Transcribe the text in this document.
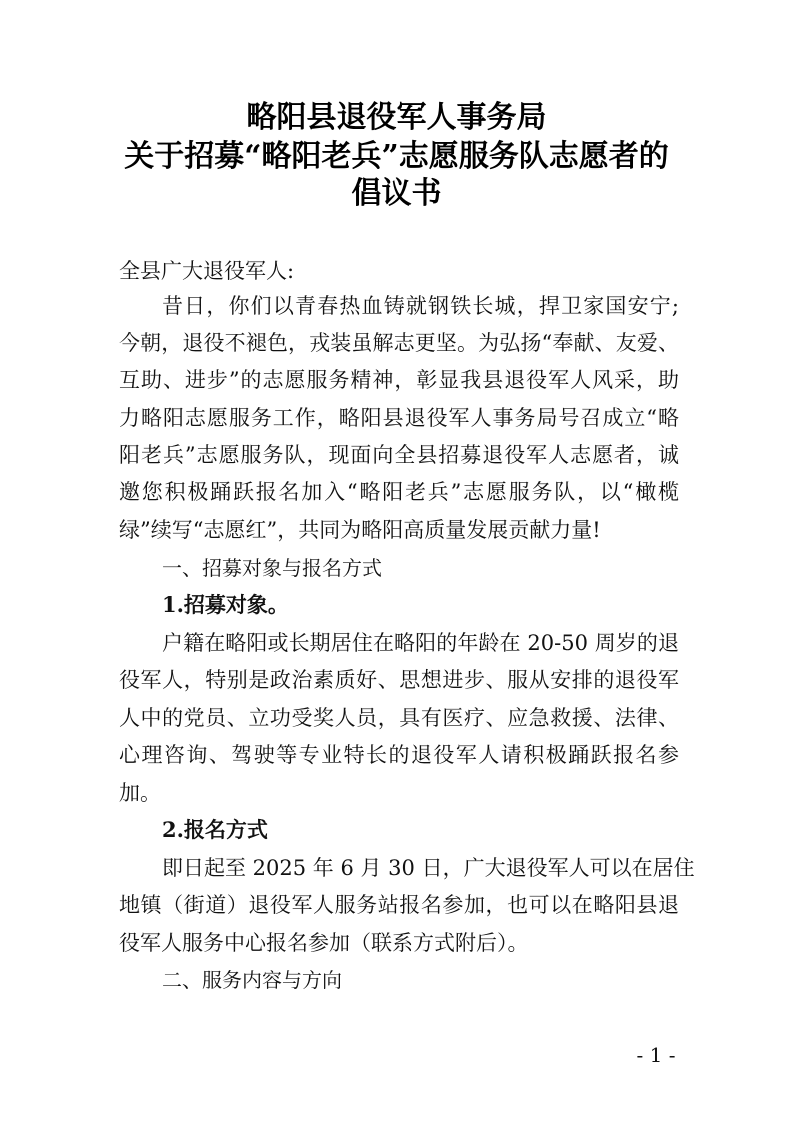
略阳县退役军人事务局
关于招募“略阳老兵”志愿服务队志愿者的
倡议书
全县广大退役军人:
昔日，你们以青春热血铸就钢铁长城，捍卫家国安宁;
今朝，退役不褪色，戎装虽解志更坚。为弘扬“奉献、友爱、
互助、进步”的志愿服务精神，彰显我县退役军人风采，助
力略阳志愿服务工作，略阳县退役军人事务局号召成立“略
阳老兵”志愿服务队，现面向全县招募退役军人志愿者，诚
邀您积极踊跃报名加入“略阳老兵”志愿服务队，以“橄榄
绿”续写“志愿红”，共同为略阳高质量发展贡献力量!
一、招募对象与报名方式
1.招募对象。
户籍在略阳或长期居住在略阳的年龄在 20-50 周岁的退
役军人，特别是政治素质好、思想进步、服从安排的退役军
人中的党员、立功受奖人员，具有医疗、应急救援、法律、
心理咨询、驾驶等专业特长的退役军人请积极踊跃报名参
加。
2.报名方式
即日起至 2025 年 6 月 30 日，广大退役军人可以在居住
地镇（街道）退役军人服务站报名参加，也可以在略阳县退
役军人服务中心报名参加（联系方式附后）。
二、服务内容与方向
- 1 -
